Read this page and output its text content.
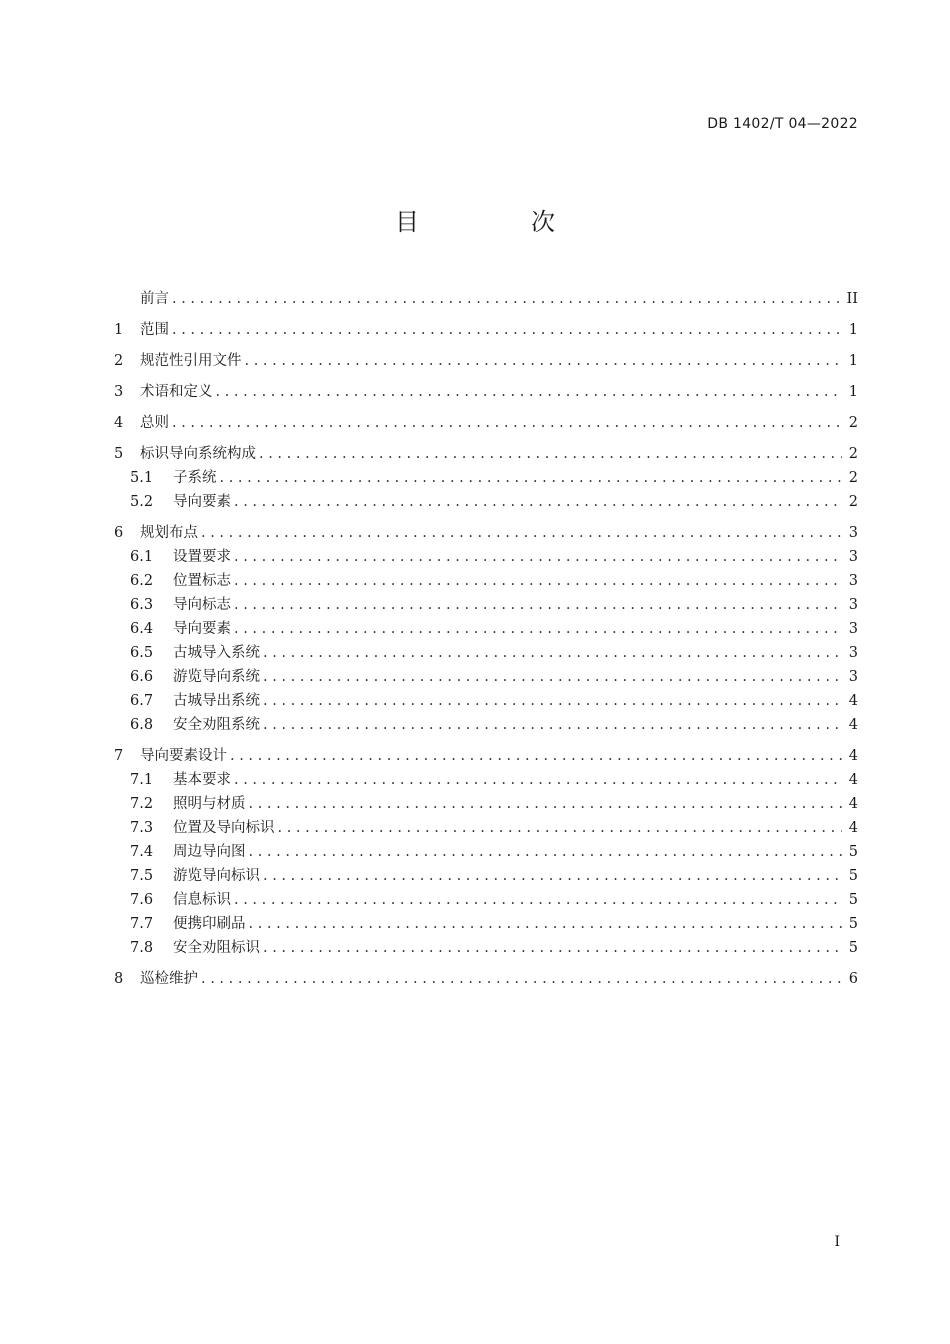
DB 1402/T 04—2022
目　次
前言 . . .	II
1	范围 . . .	1
2	规范性引用文件 . . .	1
3	术语和定义 . . .	1
4	总则 . . .	2
5	标识导向系统构成 . . .	2
5.1	子系统 . . .	2
5.2	导向要素 . . .	2
6	规划布点 . . .	3
6.1	设置要求 . . .	3
6.2	位置标志 . . .	3
6.3	导向标志 . . .	3
6.4	导向要素 . . .	3
6.5	古城导入系统 . . .	3
6.6	游览导向系统 . . .	3
6.7	古城导出系统 . . .	4
6.8	安全劝阻系统 . . .	4
7	导向要素设计 . . .	4
7.1	基本要求 . . .	4
7.2	照明与材质 . . .	4
7.3	位置及导向标识 . . .	4
7.4	周边导向图 . . .	5
7.5	游览导向标识 . . .	5
7.6	信息标识 . . .	5
7.7	便携印刷品 . . .	5
7.8	安全劝阻标识 . . .	5
8	巡检维护 . . .	6
I
